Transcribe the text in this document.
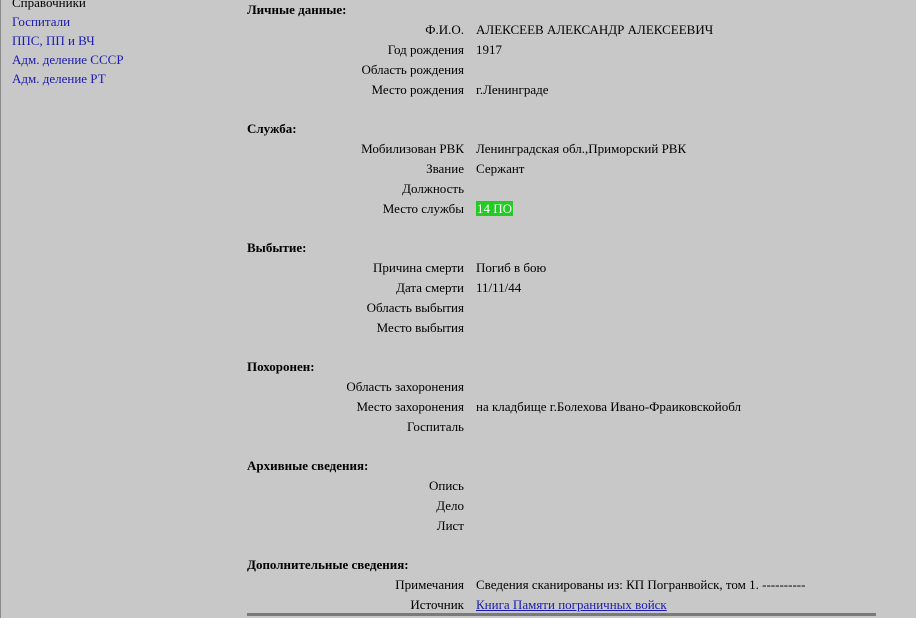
Справочники
Госпитали
ППС, ПП и ВЧ
Адм. деление СССР
Адм. деление РТ
Личные данные:
Ф.И.О. АЛЕКСЕЕВ АЛЕКСАНДР АЛЕКСЕЕВИЧ
Год рождения 1917
Область рождения
Место рождения г.Ленинграде
Служба:
Мобилизован РВК Ленинградская обл.,Приморский РВК
Звание Сержант
Должность
Место службы 14 ПО
Выбытие:
Причина смерти Погиб в бою
Дата смерти 11/11/44
Область выбытия
Место выбытия
Похоронен:
Область захоронения
Место захоронения на кладбище г.Болехова Ивано-Фраиковскойобл
Госпиталь
Архивные сведения:
Опись
Дело
Лист
Дополнительные сведения:
Примечания Сведения сканированы из: КП Погранвойск, том 1. ----------
Источник Книга Памяти пограничных войск
